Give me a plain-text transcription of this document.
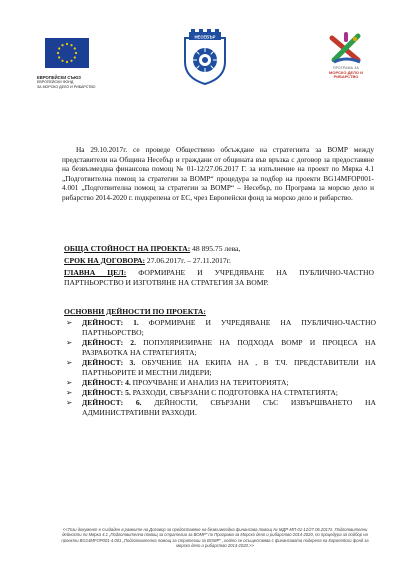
ЕВРОПЕЙСКИ СЪЮЗ
ЕВРОПЕЙСКИ ФОНД
ЗА МОРСКО ДЕЛО И РИБАРСТВО
НЕСЕБЪР
ПРОГРАМА ЗА
МОРСКО ДЕЛО И
РИБАРСТВО
На 29.10.2017г. се проведе Обществено обсъждане на стратегията за ВОМР между представители на Община Несебър и граждани от общината във връзка с договор за предоставяне на безвъзмездна финансова помощ № 01-12/27.06.2017 Г. за изпълнение на проект по Мярка 4.1 „Подготвителна помощ за стратегии за ВОМР“ процедура за подбор на проекти BG14MFOP001-4.001 „Подготвителна помощ за стратегии за ВОМР“ – Несебър, по Програма за морско дело и рибарство 2014-2020 г. подкрепена от ЕС, чрез Европейски фонд за морско дело и рибарство.
ОБЩА СТОЙНОСТ НА ПРОЕКТА: 48 895.75 лева,
СРОК НА ДОГОВОРА: 27.06.2017г. – 27.11.2017г.
ГЛАВНА ЦЕЛ: ФОРМИРАНЕ И УЧРЕДЯВАНЕ НА ПУБЛИЧНО-ЧАСТНО ПАРТНЬОРСТВО И ИЗГОТВЯНЕ НА СТРАТЕГИЯ ЗА ВОМР.
ОСНОВНИ ДЕЙНОСТИ ПО ПРОЕКТА:
➢ ДЕЙНОСТ: 1. ФОРМИРАНЕ И УЧРЕДЯВАНЕ НА ПУБЛИЧНО-ЧАСТНО ПАРТНЬОРСТВО;
➢ ДЕЙНОСТ: 2. ПОПУЛЯРИЗИРАНЕ НА ПОДХОДА ВОМР И ПРОЦЕСА НА РАЗРАБОТКА НА СТРАТЕГИЯТА;
➢ ДЕЙНОСТ: 3. ОБУЧЕНИЕ НА ЕКИПА НА , В Т.Ч. ПРЕДСТАВИТЕЛИ НА ПАРТНЬОРИТЕ И МЕСТНИ ЛИДЕРИ;
➢ ДЕЙНОСТ: 4. ПРОУЧВАНЕ И АНАЛИЗ НА ТЕРИТОРИЯТА;
➢ ДЕЙНОСТ: 5. РАЗХОДИ, СВЪРЗАНИ С ПОДГОТОВКА НА СТРАТЕГИЯТА;
➢ ДЕЙНОСТ: 6. ДЕЙНОСТИ, СВЪРЗАНИ СЪС ИЗВЪРШВАНЕТО НА АДМИНИСТРАТИВНИ РАЗХОДИ.
<<Този документ е създаден в рамките на Договор за предоставяне на безвъзмездна финансова помощ № МДР-МП-01-12/27.06.2017г. Подготвителни дейности по Мярка 4.1 „Подготвителна помощ за стратегии за ВОМР“ по Програма за Морско дело и рибарство 2014-2020, по процедура за подбор на проекти BG14MFOP001-4.001 „Подготвителна помощ за стратегии за ВОМР“ , който се осъществява с финансовата подкрепа на Европейски фонд за морско дело и рибарство 2014-2020.>>
